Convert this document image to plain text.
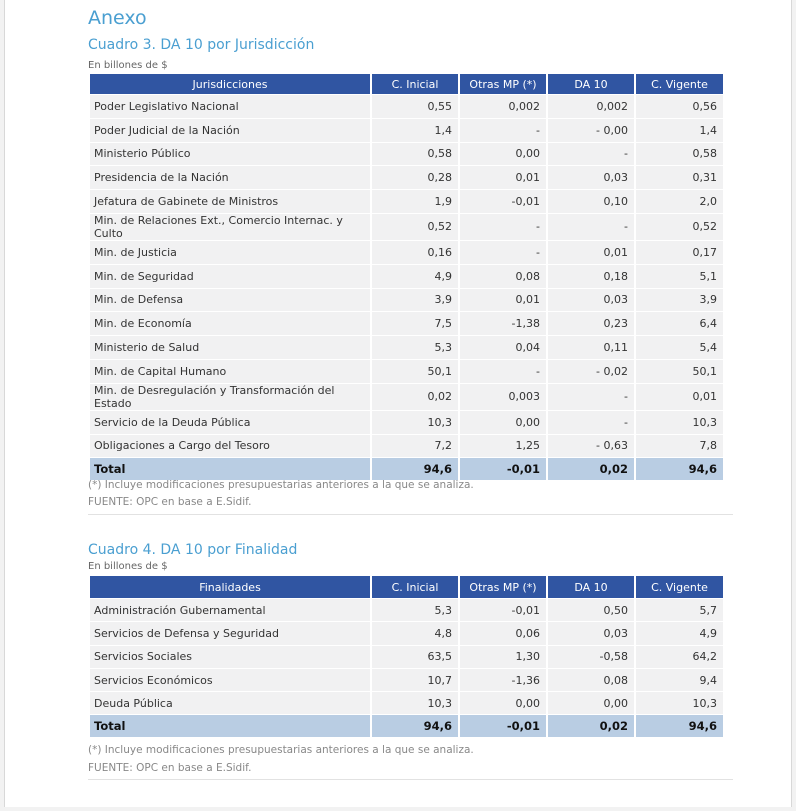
Anexo
Cuadro 3. DA 10 por Jurisdicción
En billones de $
Jurisdicciones	C. Inicial	Otras MP (*)	DA 10	C. Vigente
Poder Legislativo Nacional	0,55	0,002	0,002	0,56
Poder Judicial de la Nación	1,4	-	- 0,00	1,4
Ministerio Público	0,58	0,00	-	0,58
Presidencia de la Nación	0,28	0,01	0,03	0,31
Jefatura de Gabinete de Ministros	1,9	-0,01	0,10	2,0
Min. de Relaciones Ext., Comercio Internac. y Culto	0,52	-	-	0,52
Min. de Justicia	0,16	-	0,01	0,17
Min. de Seguridad	4,9	0,08	0,18	5,1
Min. de Defensa	3,9	0,01	0,03	3,9
Min. de Economía	7,5	-1,38	0,23	6,4
Ministerio de Salud	5,3	0,04	0,11	5,4
Min. de Capital Humano	50,1	-	- 0,02	50,1
Min. de Desregulación y Transformación del Estado	0,02	0,003	-	0,01
Servicio de la Deuda Pública	10,3	0,00	-	10,3
Obligaciones a Cargo del Tesoro	7,2	1,25	- 0,63	7,8
Total	94,6	-0,01	0,02	94,6
(*) Incluye modificaciones presupuestarias anteriores a la que se analiza.
FUENTE: OPC en base a E.Sidif.
Cuadro 4. DA 10 por Finalidad
En billones de $
Finalidades	C. Inicial	Otras MP (*)	DA 10	C. Vigente
Administración Gubernamental	5,3	-0,01	0,50	5,7
Servicios de Defensa y Seguridad	4,8	0,06	0,03	4,9
Servicios Sociales	63,5	1,30	-0,58	64,2
Servicios Económicos	10,7	-1,36	0,08	9,4
Deuda Pública	10,3	0,00	0,00	10,3
Total	94,6	-0,01	0,02	94,6
(*) Incluye modificaciones presupuestarias anteriores a la que se analiza.
FUENTE: OPC en base a E.Sidif.
